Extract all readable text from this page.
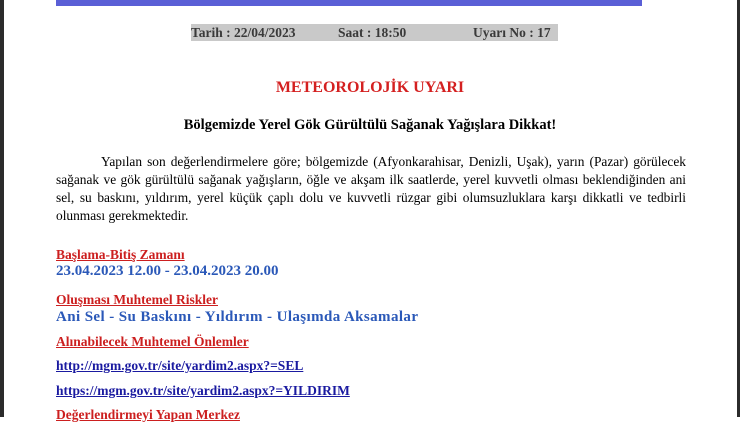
Tarih : 22/04/2023	Saat : 18:50	Uyarı No : 17
METEOROLOJİK UYARI
Bölgemizde Yerel Gök Gürültülü Sağanak Yağışlara Dikkat!
Yapılan son değerlendirmelere göre; bölgemizde (Afyonkarahisar, Denizli, Uşak), yarın (Pazar) görülecek sağanak ve gök gürültülü sağanak yağışların, öğle ve akşam ilk saatlerde, yerel kuvvetli olması beklendiğinden ani sel, su baskını, yıldırım, yerel küçük çaplı dolu ve kuvvetli rüzgar gibi olumsuzluklara karşı dikkatli ve tedbirli olunması gerekmektedir.
Başlama-Bitiş Zamanı
23.04.2023 12.00 - 23.04.2023 20.00
Oluşması Muhtemel Riskler
Ani Sel - Su Baskını - Yıldırım - Ulaşımda Aksamalar
Alınabilecek Muhtemel Önlemler
http://mgm.gov.tr/site/yardim2.aspx?=SEL
https://mgm.gov.tr/site/yardim2.aspx?=YILDIRIM
Değerlendirmeyi Yapan Merkez
